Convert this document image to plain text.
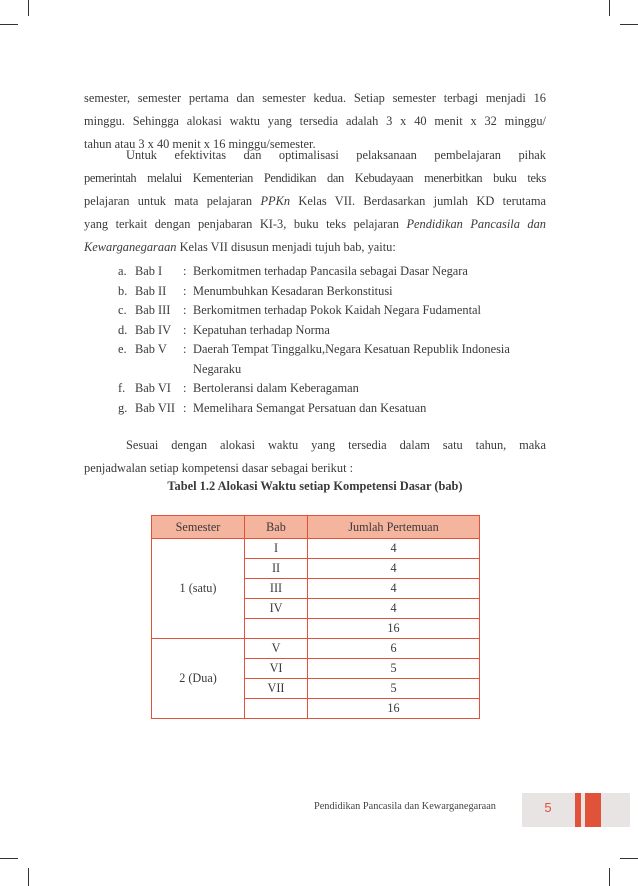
semester, semester pertama dan semester kedua. Setiap semester terbagi menjadi 16
minggu. Sehingga alokasi waktu yang tersedia adalah 3 x 40 menit x 32 minggu/
tahun atau 3 x 40 menit x 16 minggu/semester.
Untuk efektivitas dan optimalisasi pelaksanaan pembelajaran pihak
pemerintah melalui Kementerian Pendidikan dan Kebudayaan menerbitkan buku teks
pelajaran untuk mata pelajaran PPKn Kelas VII. Berdasarkan jumlah KD terutama
yang terkait dengan penjabaran KI-3, buku teks pelajaran Pendidikan Pancasila dan
Kewarganegaraan Kelas VII disusun menjadi tujuh bab, yaitu:
a. Bab I	: Berkomitmen terhadap Pancasila sebagai Dasar Negara
b. Bab II	: Menumbuhkan Kesadaran Berkonstitusi
c. Bab III	: Berkomitmen terhadap Pokok Kaidah Negara Fudamental
d. Bab IV : Kepatuhan terhadap Norma
e. Bab V	: Daerah Tempat Tinggalku,Negara Kesatuan Republik Indonesia
Negaraku
f. Bab VI : Bertoleransi dalam Keberagaman
g. Bab VII : Memelihara Semangat Persatuan dan Kesatuan
Sesuai dengan alokasi waktu yang tersedia dalam satu tahun, maka
penjadwalan setiap kompetensi dasar sebagai berikut :
Tabel 1.2 Alokasi Waktu setiap Kompetensi Dasar (bab)
Semester	Bab	Jumlah Pertemuan
1 (satu)	I	4
	II	4
	III	4
	IV	4
		16
2 (Dua)	V	6
	VI	5
	VII	5
		16
Pendidikan Pancasila dan Kewarganegaraan	5
